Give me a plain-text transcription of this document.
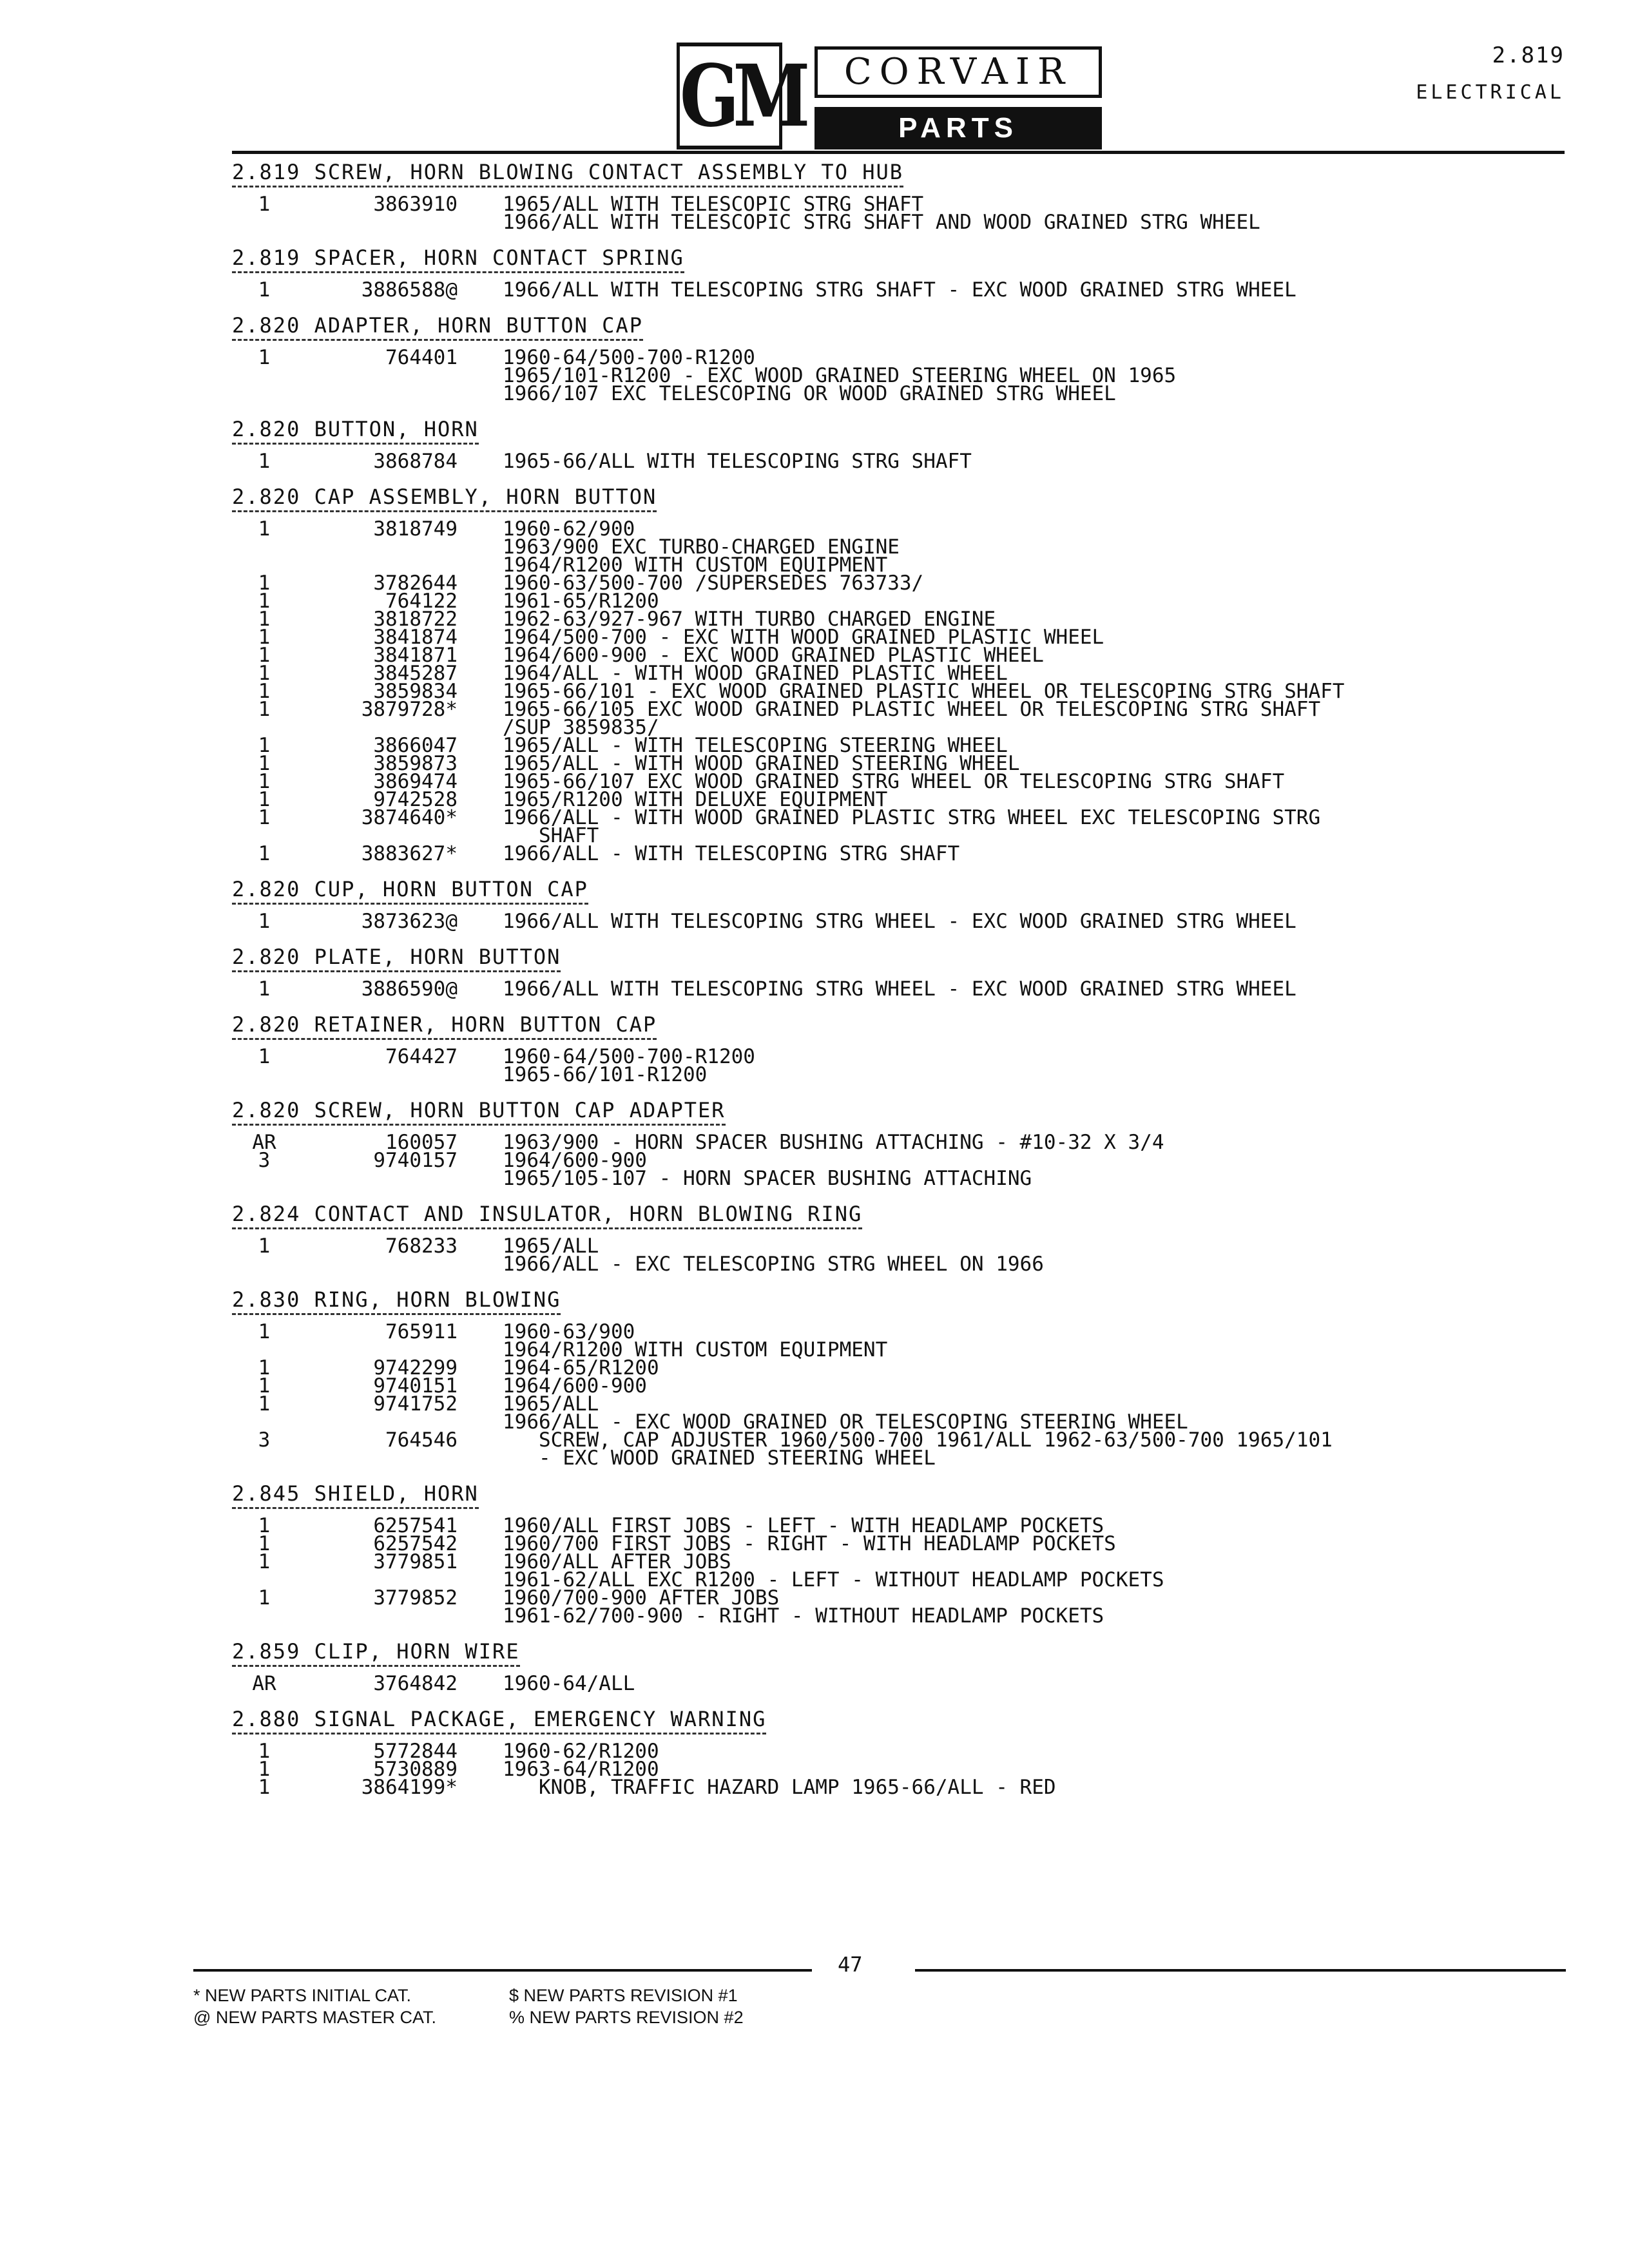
GM	CORVAIR
PARTS CATALOGUE
2.819
ELECTRICAL
2.819 SCREW, HORN BLOWING CONTACT ASSEMBLY TO HUB
1	3863910	1965/ALL WITH TELESCOPIC STRG SHAFT
1966/ALL WITH TELESCOPIC STRG SHAFT AND WOOD GRAINED STRG WHEEL
2.819 SPACER, HORN CONTACT SPRING
1	3886588@	1966/ALL WITH TELESCOPING STRG SHAFT - EXC WOOD GRAINED STRG WHEEL
2.820 ADAPTER, HORN BUTTON CAP
1	764401	1960-64/500-700-R1200
1965/101-R1200 - EXC WOOD GRAINED STEERING WHEEL ON 1965
1966/107 EXC TELESCOPING OR WOOD GRAINED STRG WHEEL
2.820 BUTTON, HORN
1	3868784	1965-66/ALL WITH TELESCOPING STRG SHAFT
2.820 CAP ASSEMBLY, HORN BUTTON
1	3818749	1960-62/900
1963/900 EXC TURBO-CHARGED ENGINE
1964/R1200 WITH CUSTOM EQUIPMENT
1	3782644	1960-63/500-700 /SUPERSEDES 763733/
1	764122	1961-65/R1200
1	3818722	1962-63/927-967 WITH TURBO CHARGED ENGINE
1	3841874	1964/500-700 - EXC WITH WOOD GRAINED PLASTIC WHEEL
1	3841871	1964/600-900 - EXC WOOD GRAINED PLASTIC WHEEL
1	3845287	1964/ALL - WITH WOOD GRAINED PLASTIC WHEEL
1	3859834	1965-66/101 - EXC WOOD GRAINED PLASTIC WHEEL OR TELESCOPING STRG SHAFT
1	3879728*	1965-66/105 EXC WOOD GRAINED PLASTIC WHEEL OR TELESCOPING STRG SHAFT
/SUP 3859835/
1	3866047	1965/ALL - WITH TELESCOPING STEERING WHEEL
1	3859873	1965/ALL - WITH WOOD GRAINED STEERING WHEEL
1	3869474	1965-66/107 EXC WOOD GRAINED STRG WHEEL OR TELESCOPING STRG SHAFT
1	9742528	1965/R1200 WITH DELUXE EQUIPMENT
1	3874640*	1966/ALL - WITH WOOD GRAINED PLASTIC STRG WHEEL EXC TELESCOPING STRG
SHAFT
1	3883627*	1966/ALL - WITH TELESCOPING STRG SHAFT
2.820 CUP, HORN BUTTON CAP
1	3873623@	1966/ALL WITH TELESCOPING STRG WHEEL - EXC WOOD GRAINED STRG WHEEL
2.820 PLATE, HORN BUTTON
1	3886590@	1966/ALL WITH TELESCOPING STRG WHEEL - EXC WOOD GRAINED STRG WHEEL
2.820 RETAINER, HORN BUTTON CAP
1	764427	1960-64/500-700-R1200
1965-66/101-R1200
2.820 SCREW, HORN BUTTON CAP ADAPTER
AR	160057	1963/900 - HORN SPACER BUSHING ATTACHING - #10-32 X 3/4
3	9740157	1964/600-900
1965/105-107 - HORN SPACER BUSHING ATTACHING
2.824 CONTACT AND INSULATOR, HORN BLOWING RING
1	768233	1965/ALL
1966/ALL - EXC TELESCOPING STRG WHEEL ON 1966
2.830 RING, HORN BLOWING
1	765911	1960-63/900
1964/R1200 WITH CUSTOM EQUIPMENT
1	9742299	1964-65/R1200
1	9740151	1964/600-900
1	9741752	1965/ALL
1966/ALL - EXC WOOD GRAINED OR TELESCOPING STEERING WHEEL
3	764546	SCREW, CAP ADJUSTER 1960/500-700 1961/ALL 1962-63/500-700 1965/101
- EXC WOOD GRAINED STEERING WHEEL
2.845 SHIELD, HORN
1	6257541	1960/ALL FIRST JOBS - LEFT - WITH HEADLAMP POCKETS
1	6257542	1960/700 FIRST JOBS - RIGHT - WITH HEADLAMP POCKETS
1	3779851	1960/ALL AFTER JOBS
1961-62/ALL EXC R1200 - LEFT - WITHOUT HEADLAMP POCKETS
1	3779852	1960/700-900 AFTER JOBS
1961-62/700-900 - RIGHT - WITHOUT HEADLAMP POCKETS
2.859 CLIP, HORN WIRE
AR	3764842	1960-64/ALL
2.880 SIGNAL PACKAGE, EMERGENCY WARNING
1	5772844	1960-62/R1200
1	5730889	1963-64/R1200
1	3864199*	KNOB, TRAFFIC HAZARD LAMP 1965-66/ALL - RED
47
* NEW PARTS INITIAL CAT.	$ NEW PARTS REVISION #1
@ NEW PARTS MASTER CAT.	% NEW PARTS REVISION #2
